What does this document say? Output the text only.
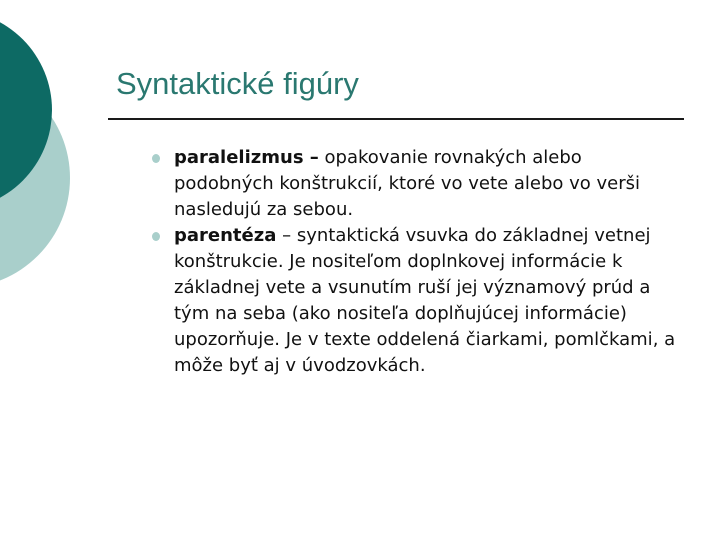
Syntaktické figúry
paralelizmus – opakovanie rovnakých alebo podobných konštrukcií, ktoré vo vete alebo vo verši nasledujú za sebou.
parentéza – syntaktická vsuvka do základnej vetnej konštrukcie. Je nositeľom doplnkovej informácie k základnej vete a vsunutím ruší jej významový prúd a tým na seba (ako nositeľa doplňujúcej informácie) upozorňuje. Je v texte oddelená čiarkami, pomlčkami, a môže byť aj v úvodzovkách.
